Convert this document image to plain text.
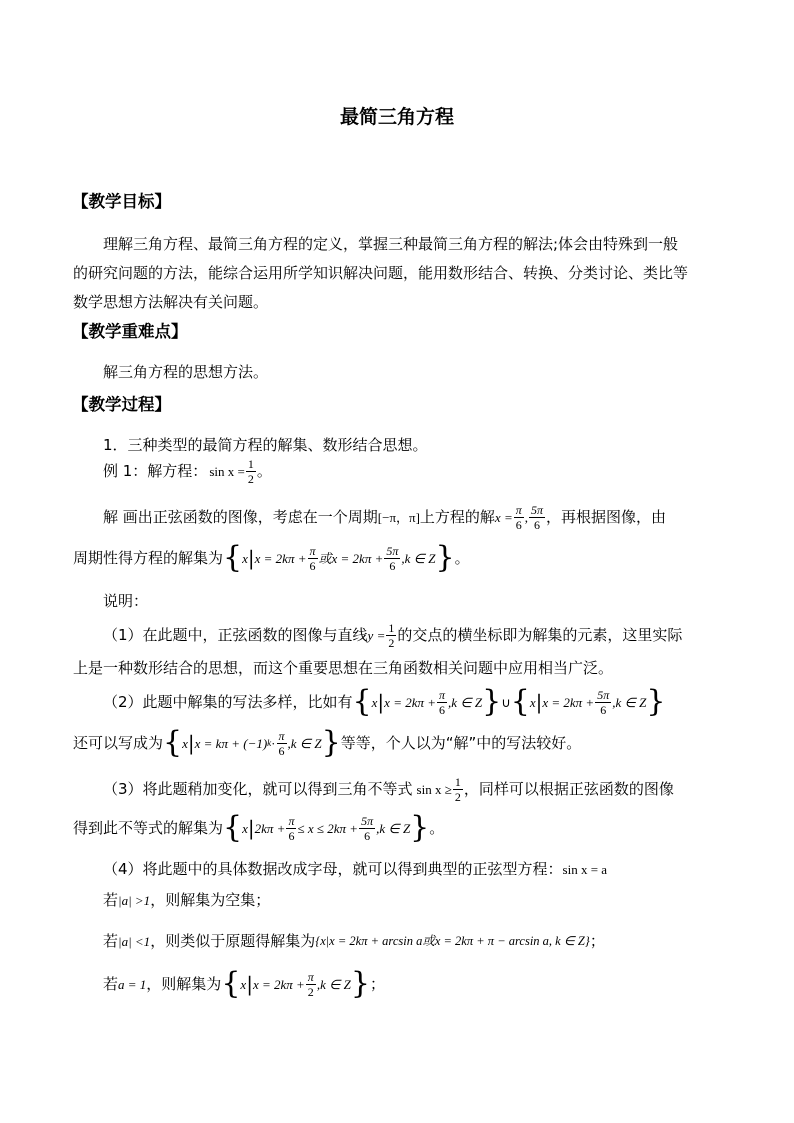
最简三角方程
【教学目标】
理解三角方程、最简三角方程的定义，掌握三种最简三角方程的解法;体会由特殊到一般
的研究问题的方法，能综合运用所学知识解决问题，能用数形结合、转换、分类讨论、类比等
数学思想方法解决有关问题。
【教学重难点】
解三角方程的思想方法。
【教学过程】
1．三种类型的最简方程的解集、数形结合思想。
例 1：解方程： $\sin x = \frac{1}{2}$ 。
解 画出正弦函数的图像，考虑在一个周期 [−π，π] 上方程的解 $x = \frac{\pi}{6}$ , $\frac{5\pi}{6}$ ，再根据图像，由
周期性得方程的解集为 { x | $x = 2k\pi + \frac{\pi}{6}$ 或$x = 2k\pi + \frac{5\pi}{6} ,k$ ∈ Z } 。
说明：
（1）在此题中，正弦函数的图像与直线 $y = \frac{1}{2}$ 的交点的横坐标即为解集的元素，这里实际
上是一种数形结合的思想，而这个重要思想在三角函数相关问题中应用相当广泛。
（2）此题中解集的写法多样，比如有 { x | $x = 2k\pi + \frac{\pi}{6} ,k$ ∈ Z } ∪ { x | $x = 2k\pi + \frac{5\pi}{6} ,k$ ∈ Z }
还可以写成为 { x | x = kπ + (−1) $k \cdot \frac{\pi}{6} ,k$ ∈ Z } 等等，个人以为“解”中的写法较好。
（3）将此题稍加变化，就可以得到三角不等式 $\sin x \ge \frac{1}{2}$ ，同样可以根据正弦函数的图像
得到此不等式的解集为 { x | $2k\pi + \frac{\pi}{6} \le x \le 2k\pi + \frac{5\pi}{6} ,k$ ∈ Z } 。
（4）将此题中的具体数据改成字母，就可以得到典型的正弦型方程： sin x = a
若 |a| >1 ，则解集为空集；
若 |a| <1 ，则类似于原题得解集为 {x|x = 2kπ + arcsin a或x = 2kπ + π − arcsin a, k ∈ Z} ；
若 a = 1 ，则解集为 { x | $x = 2k\pi + \frac{\pi}{2} ,k$ ∈ Z } ；
